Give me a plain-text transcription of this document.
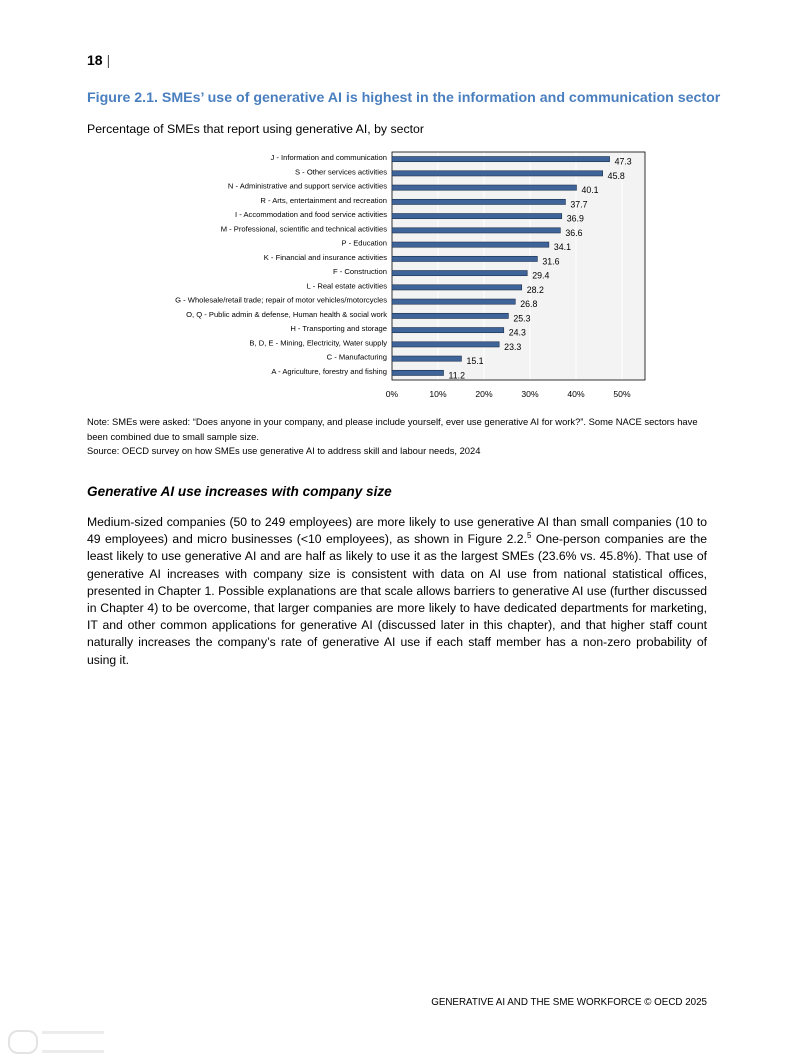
18 |
Figure 2.1. SMEs’ use of generative AI is highest in the information and communication sector
Percentage of SMEs that report using generative AI, by sector
0%	10%	20%	30%	40%	50%
47.3
J - Information and communication
45.8
S - Other services activities
40.1
N - Administrative and support service activities
37.7
R - Arts, entertainment and recreation
36.9
I - Accommodation and food service activities
36.6
M - Professional, scientific and technical activities
34.1
P - Education
31.6
K - Financial and insurance activities
29.4
F - Construction
28.2
L - Real estate activities
26.8
G - Wholesale/retail trade; repair of motor vehicles/motorcycles
25.3
O, Q - Public admin & defense, Human health & social work
24.3
H - Transporting and storage
23.3
B, D, E - Mining, Electricity, Water supply
15.1
C - Manufacturing
11.2
A - Agriculture, forestry and fishing

Note: SMEs were asked: “Does anyone in your company, and please include yourself, ever use generative AI for work?”. Some NACE sectors have been combined due to small sample size.

Source: OECD survey on how SMEs use generative AI to address skill and labour needs, 2024

Generative AI use increases with company size

Medium-sized companies (50 to 249 employees) are more likely to use generative AI than small companies (10 to 49 employees) and micro businesses (<10 employees), as shown in Figure 2.2.$^5$ One-person companies are the least likely to use generative AI and are half as likely to use it as the largest SMEs (23.6% vs. 45.8%). That use of generative AI increases with company size is consistent with data on AI use from national statistical offices, presented in Chapter 1. Possible explanations are that scale allows barriers to generative AI use (further discussed in Chapter 4) to be overcome, that larger companies are more likely to have dedicated departments for marketing, IT and other common applications for generative AI (discussed later in this chapter), and that higher staff count naturally increases the company’s rate of generative AI use if each staff member has a non-zero probability of using it.

GENERATIVE AI AND THE SME WORKFORCE © OECD 2025
